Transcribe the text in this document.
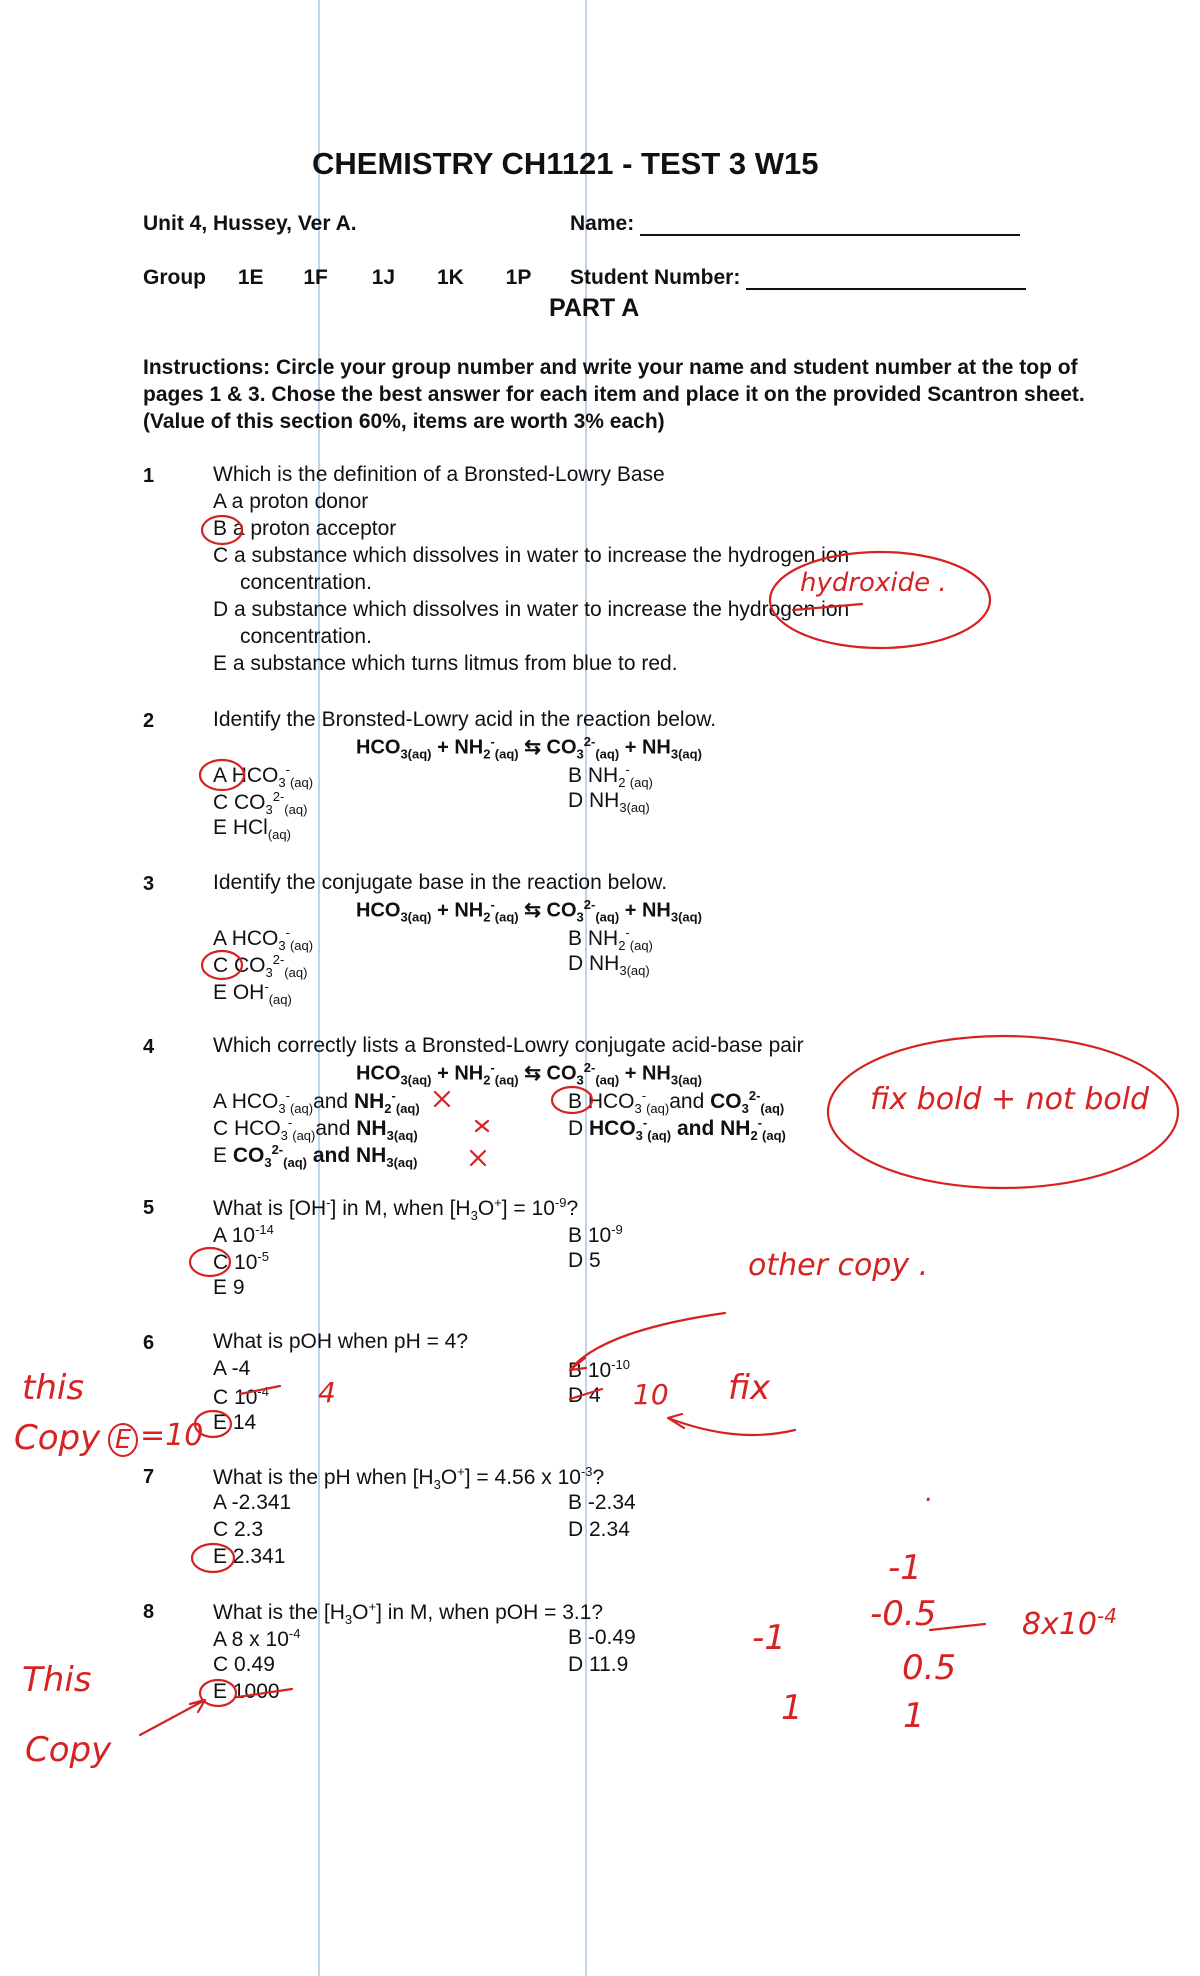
CHEMISTRY CH1121 - TEST 3 W15
Unit 4, Hussey, Ver A.	Name:
Group 1E 1F 1J 1K 1P Student Number:
PART A
Instructions: Circle your group number and write your name and student number at the top of pages 1 & 3. Chose the best answer for each item and place it on the provided Scantron sheet. (Value of this section 60%, items are worth 3% each)
1	Which is the definition of a Bronsted-Lowry Base
A a proton donor
B a proton acceptor
C a substance which dissolves in water to increase the hydrogen ion
concentration.
D a substance which dissolves in water to increase the hydrogen ion
concentration.
E a substance which turns litmus from blue to red.
2	Identify the Bronsted-Lowry acid in the reaction below.
$HCO_{3(aq)} + NH_2^-_{(aq)}$ ⇆ $CO_3^{2-}_{(aq)} + NH_{3(aq)}$
A $HCO_3^-_{(aq)}$	B $NH_2^-_{(aq)}$
C $CO_3^{2-}_{(aq)}$	D $NH_{3(aq)}$
E HCl$_{(aq)}$
3	Identify the conjugate base in the reaction below.
$HCO_{3(aq)} + NH_2^-_{(aq)}$ ⇆ $CO_3^{2-}_{(aq)} + NH_{3(aq)}$
A $HCO_3^-_{(aq)}$	B $NH_2^-_{(aq)}$
C $CO_3^{2-}_{(aq)}$	D $NH_{3(aq)}$
E $OH^-_{(aq)}$
4	Which correctly lists a Bronsted-Lowry conjugate acid-base pair
$HCO_{3(aq)} + NH_2^-_{(aq)}$ ⇆ $CO_3^{2-}_{(aq)} + NH_{3(aq)}$
A $HCO_3^-_{(aq)}and$ $NH_2^-_{(aq)}$	B $HCO_3^-_{(aq)}and$ $CO_3^{2-}_{(aq)}$
C $HCO_3^-_{(aq)}and$ $NH_{3(aq)}$	D $HCO_3^-_{(aq)}$ and $NH_2^-_{(aq)}$
E $CO_3^{2-}_{(aq)}$ and $NH_{3(aq)}$
5	What is [OH-] in M, when $[H_3O^+] = 10^{-9}$?
A $10^{-14}$	B $10^{-9}$
C $10^{-5}$	D 5
E 9
6	What is pOH when pH = 4?
A -4	B $10^{-10}$
C $10^{-4}$	D 4
E 14
7	What is the pH when $[H_3O^+] = 4.56$ x $10^{-3}$?
A -2.341	B -2.34
C 2.3	D 2.34
E 2.341
8	What is the $[H_3O^+]$ in M, when pOH = 3.1?
A 8 x $10^{-4}$	B -0.49
C 0.49	D 11.9
E 1000
hydroxide .
fix bold + not bold
other copy .
4	10 fix
this
Copy E =10
This
Copy
-1
-0.5	$8x10^{-4}$
0.5
-1
1	1
.
